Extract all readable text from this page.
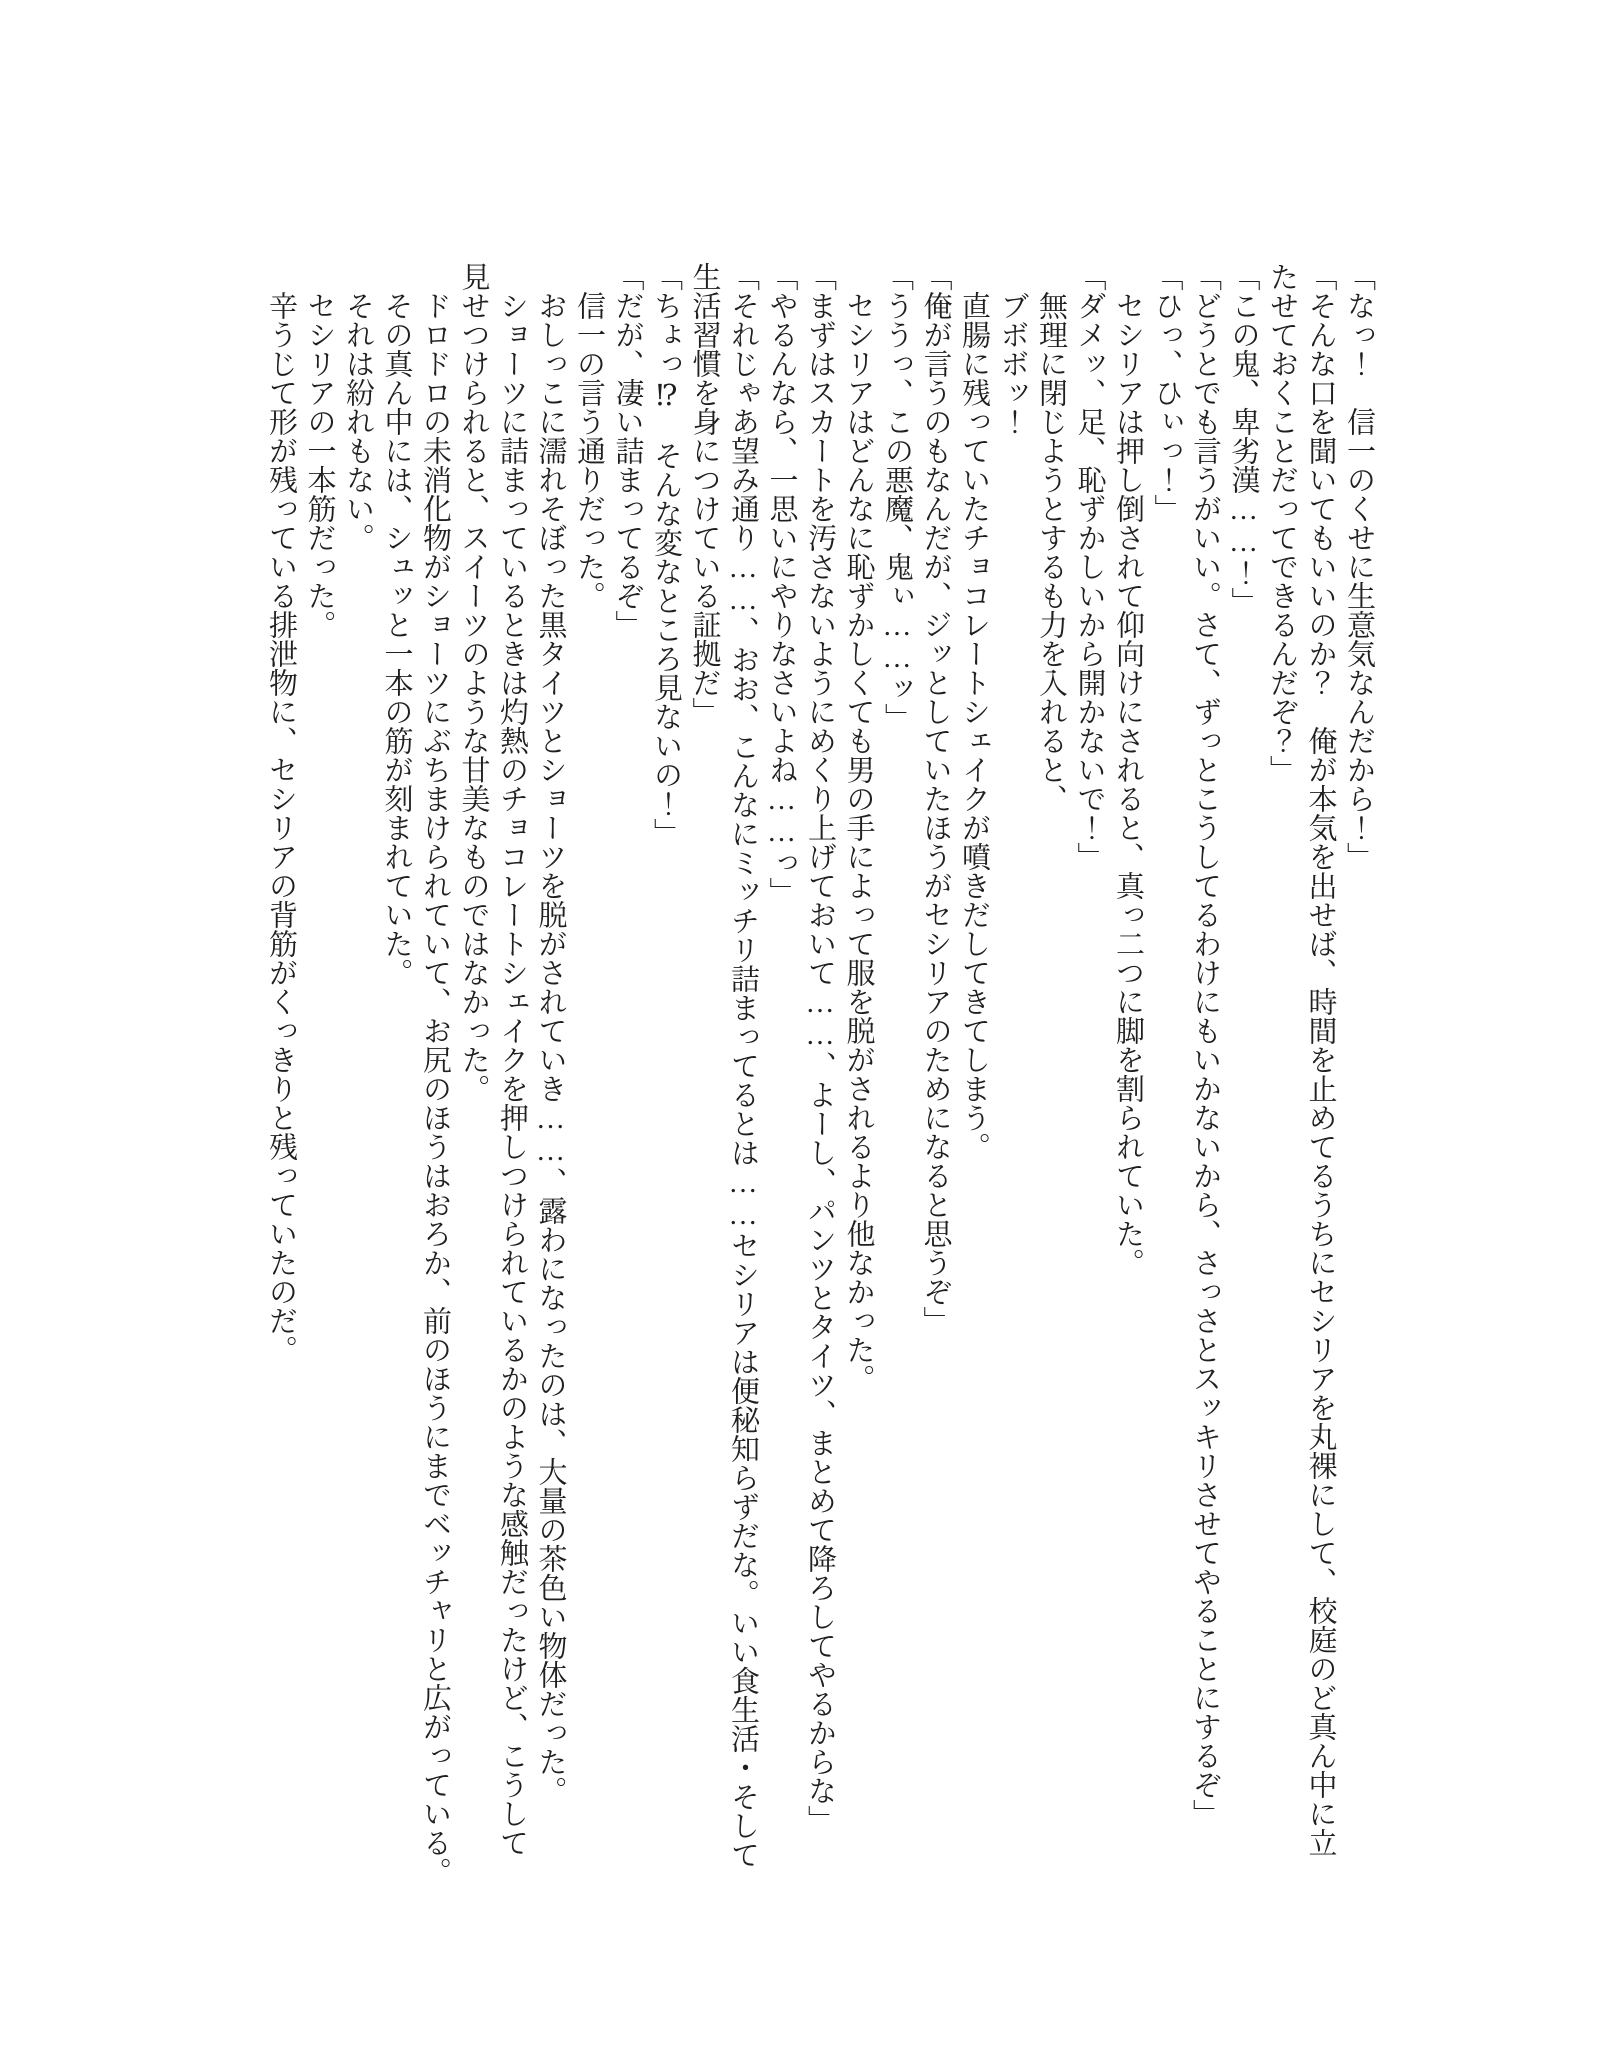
「なっ！　信一のくせに生意気なんだから！」
「そんな口を聞いてもいいのか？　俺が本気を出せば、時間を止めてるうちにセシリアを丸裸にして、校庭のど真ん中に立
たせておくことだってできるんだぞ？」
「この鬼、卑劣漢……！」
「どうとでも言うがいい。さて、ずっとこうしてるわけにもいかないから、さっさとスッキリさせてやることにするぞ」
「ひっ、ひぃっ！」
　セシリアは押し倒されて仰向けにされると、真っ二つに脚を割られていた。
「ダメッ、足、恥ずかしいから開かないで！」
　無理に閉じようとするも力を入れると、
　ブボボッ！
　直腸に残っていたチョコレートシェイクが噴きだしてきてしまう。
「俺が言うのもなんだが、ジッとしていたほうがセシリアのためになると思うぞ」
「ううっ、この悪魔、鬼ぃ……ッ」
　セシリアはどんなに恥ずかしくても男の手によって服を脱がされるより他なかった。
「まずはスカートを汚さないようにめくり上げておいて……、よーし、パンツとタイツ、まとめて降ろしてやるからな」
「やるんなら、一思いにやりなさいよね……っ」
「それじゃあ望み通り……、おお、こんなにミッチリ詰まってるとは……セシリアは便秘知らずだな。いい食生活・そして
生活習慣を身につけている証拠だ」
「ちょっ⁉　そんな変なところ見ないの！」
「だが、凄い詰まってるぞ」
　信一の言う通りだった。
　おしっこに濡れそぼった黒タイツとショーツを脱がされていき……、露わになったのは、大量の茶色い物体だった。
　ショーツに詰まっているときは灼熱のチョコレートシェイクを押しつけられているかのような感触だったけど、こうして
見せつけられると、スイーツのような甘美なものではなかった。
　ドロドロの未消化物がショーツにぶちまけられていて、お尻のほうはおろか、前のほうにまでベッチャリと広がっている。
　その真ん中には、シュッと一本の筋が刻まれていた。
　それは紛れもない。
　セシリアの一本筋だった。
　辛うじて形が残っている排泄物に、セシリアの背筋がくっきりと残っていたのだ。
